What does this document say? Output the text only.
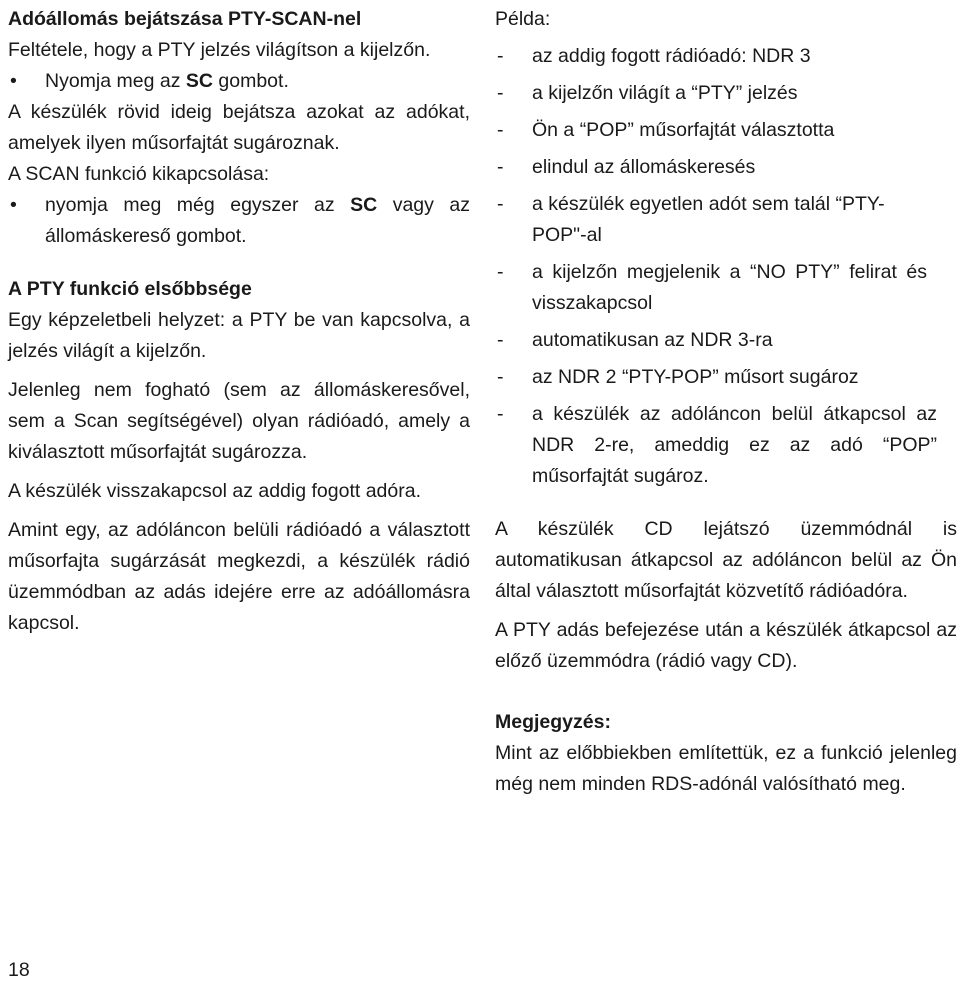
Adóállomás bejátszása PTY-SCAN-nel

Feltétele, hogy a PTY jelzés világítson a kijelzőn.

• Nyomja meg az SC gombot.

A készülék rövid ideig bejátsza azokat az adókat, amelyek ilyen műsorfajtát sugároznak.

A SCAN funkció kikapcsolása:

• nyomja meg még egyszer az SC vagy az állomáskereső gombot.

A PTY funkció elsőbbsége

Egy képzeletbeli helyzet: a PTY be van kapcsolva, a jelzés világít a kijelzőn.

Jelenleg nem fogható (sem az állomáskeresővel, sem a Scan segítségével) olyan rádióadó, amely a kiválasztott műsorfajtát sugározza.

A készülék visszakapcsol az addig fogott adóra.

Amint egy, az adóláncon belüli rádióadó a választott műsorfajta sugárzását megkezdi, a készülék rádió üzemmódban az adás idejére erre az adóállomásra kapcsol.

Példa:

- az addig fogott rádióadó: NDR 3
- a kijelzőn világít a “PTY” jelzés
- Ön a “POP” műsorfajtát választotta
- elindul az állomáskeresés
- a készülék egyetlen adót sem talál “PTY-POP"-al
- a kijelzőn megjelenik a “NO PTY” felirat és visszakapcsol
- automatikusan az NDR 3-ra
- az NDR 2 “PTY-POP” műsort sugároz
- a készülék az adóláncon belül átkapcsol az NDR 2-re, ameddig ez az adó “POP” műsorfajtát sugároz.

A készülék CD lejátszó üzemmódnál is automatikusan átkapcsol az adóláncon belül az Ön által választott műsorfajtát közvetítő rádióadóra.

A PTY adás befejezése után a készülék átkapcsol az előző üzemmódra (rádió vagy CD).

Megjegyzés:

Mint az előbbiekben említettük, ez a funkció jelenleg még nem minden RDS-adónál valósítható meg.

18
